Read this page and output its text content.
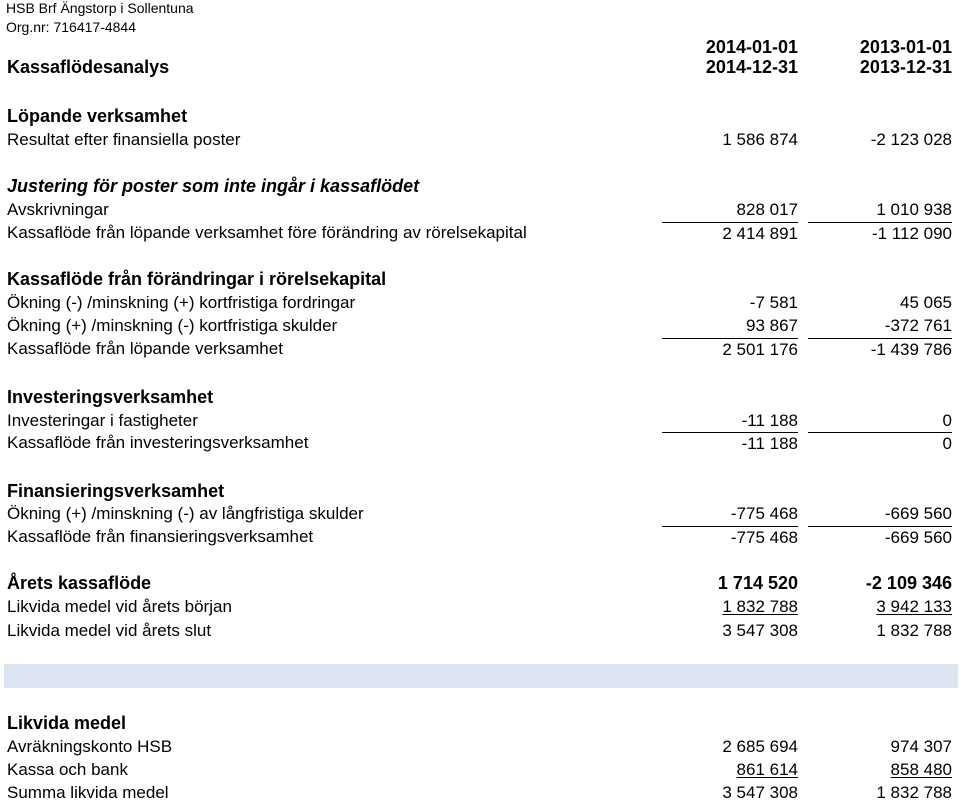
HSB Brf Ängstorp i Sollentuna
Org.nr: 716417-4844
2014-01-01	2013-01-01
Kassaflödesanalys	2014-12-31	2013-12-31
Löpande verksamhet
Resultat efter finansiella poster	1 586 874	-2 123 028
Justering för poster som inte ingår i kassaflödet
Avskrivningar	828 017	1 010 938
Kassaflöde från löpande verksamhet före förändring av rörelsekapital	2 414 891	-1 112 090
Kassaflöde från förändringar i rörelsekapital
Ökning (-) /minskning (+) kortfristiga fordringar	-7 581	45 065
Ökning (+) /minskning (-) kortfristiga skulder	93 867	-372 761
Kassaflöde från löpande verksamhet	2 501 176	-1 439 786
Investeringsverksamhet
Investeringar i fastigheter	-11 188	0
Kassaflöde från investeringsverksamhet	-11 188	0
Finansieringsverksamhet
Ökning (+) /minskning (-) av långfristiga skulder	-775 468	-669 560
Kassaflöde från finansieringsverksamhet	-775 468	-669 560
Årets kassaflöde	1 714 520	-2 109 346
Likvida medel vid årets början	1 832 788	3 942 133
Likvida medel vid årets slut	3 547 308	1 832 788
Likvida medel
Avräkningskonto HSB	2 685 694	974 307
Kassa och bank	861 614	858 480
Summa likvida medel	3 547 308	1 832 788
